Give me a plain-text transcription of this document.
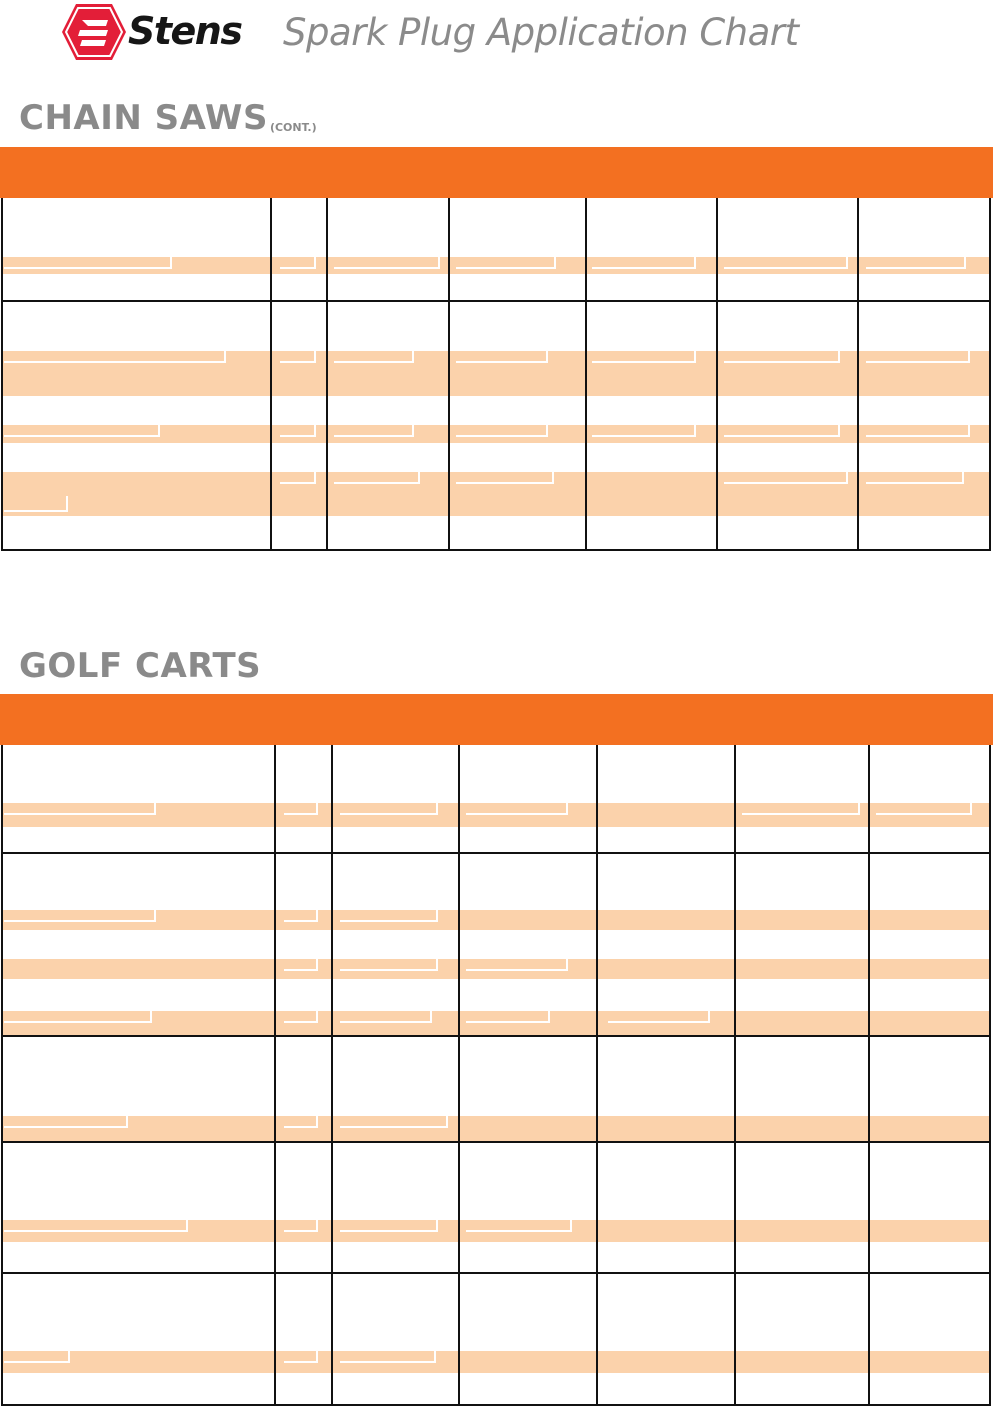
Stens Spark Plug Application Chart
CHAIN SAWS (CONT.)
GOLF CARTS
